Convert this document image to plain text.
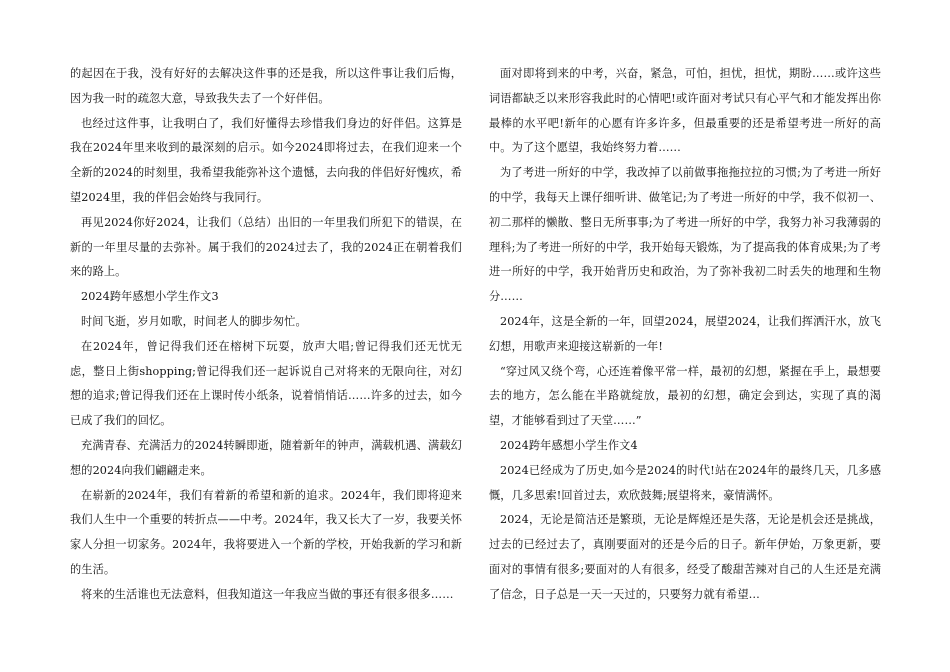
的起因在于我，没有好好的去解决这件事的还是我，所以这件事让我们后悔，因为我一时的疏忽大意，导致我失去了一个好伴侣。

也经过这件事，让我明白了，我们好懂得去珍惜我们身边的好伴侣。这算是我在2024年里来收到的最深刻的启示。如今2024即将过去，在我们迎来一个全新的2024的时刻里，我希望我能弥补这个遗憾，去向我的伴侣好好愧疚，希望2024里，我的伴侣会始终与我同行。

再见2024你好2024，让我们（总结）出旧的一年里我们所犯下的错误，在新的一年里尽量的去弥补。属于我们的2024过去了，我的2024正在朝着我们来的路上。

2024跨年感想小学生作文3

时间飞逝，岁月如歌，时间老人的脚步匆忙。

在2024年，曾记得我们还在榕树下玩耍，放声大唱;曾记得我们还无忧无虑，整日上街shopping;曾记得我们还一起诉说自己对将来的无限向往，对幻想的追求;曾记得我们还在上课时传小纸条，说着悄悄话……许多的过去，如今已成了我们的回忆。

充满青春、充满活力的2024转瞬即逝，随着新年的钟声，满载机遇、满载幻想的2024向我们翩翩走来。

在崭新的2024年，我们有着新的希望和新的追求。2024年，我们即将迎来我们人生中一个重要的转折点——中考。2024年，我又长大了一岁，我要关怀家人分担一切家务。2024年，我将要进入一个新的学校，开始我新的学习和新的生活。

将来的生活谁也无法意料，但我知道这一年我应当做的事还有很多很多……

面对即将到来的中考，兴奋，紧急，可怕，担忧，担忧，期盼……或许这些词语都缺乏以来形容我此时的心情吧!或许面对考试只有心平气和才能发挥出你最棒的水平吧!新年的心愿有许多许多，但最重要的还是希望考进一所好的高中。为了这个愿望，我始终努力着……

为了考进一所好的中学，我改掉了以前做事拖拖拉拉的习惯;为了考进一所好的中学，我每天上课仔细听讲、做笔记;为了考进一所好的中学，我不似初一、初二那样的懒散、整日无所事事;为了考进一所好的中学，我努力补习我薄弱的理科;为了考进一所好的中学，我开始每天锻炼，为了提高我的体育成果;为了考进一所好的中学，我开始背历史和政治，为了弥补我初二时丢失的地理和生物分……

2024年，这是全新的一年，回望2024，展望2024，让我们挥洒汗水，放飞幻想，用歌声来迎接这崭新的一年!

“穿过风又绕个弯，心还连着像平常一样，最初的幻想，紧握在手上，最想要去的地方，怎么能在半路就绽放，最初的幻想，确定会到达，实现了真的渴望，才能够看到过了天堂……”

2024跨年感想小学生作文4

2024已经成为了历史,如今是2024的时代!站在2024年的最终几天，几多感慨，几多思索!回首过去，欢欣鼓舞;展望将来，豪情满怀。

2024，无论是简洁还是繁琐，无论是辉煌还是失落，无论是机会还是挑战，过去的已经过去了，真刚要面对的还是今后的日子。新年伊始，万象更新，要面对的事情有很多;要面对的人有很多，经受了酸甜苦辣对自己的人生还是充满了信念，日子总是一天一天过的，只要努力就有希望…
